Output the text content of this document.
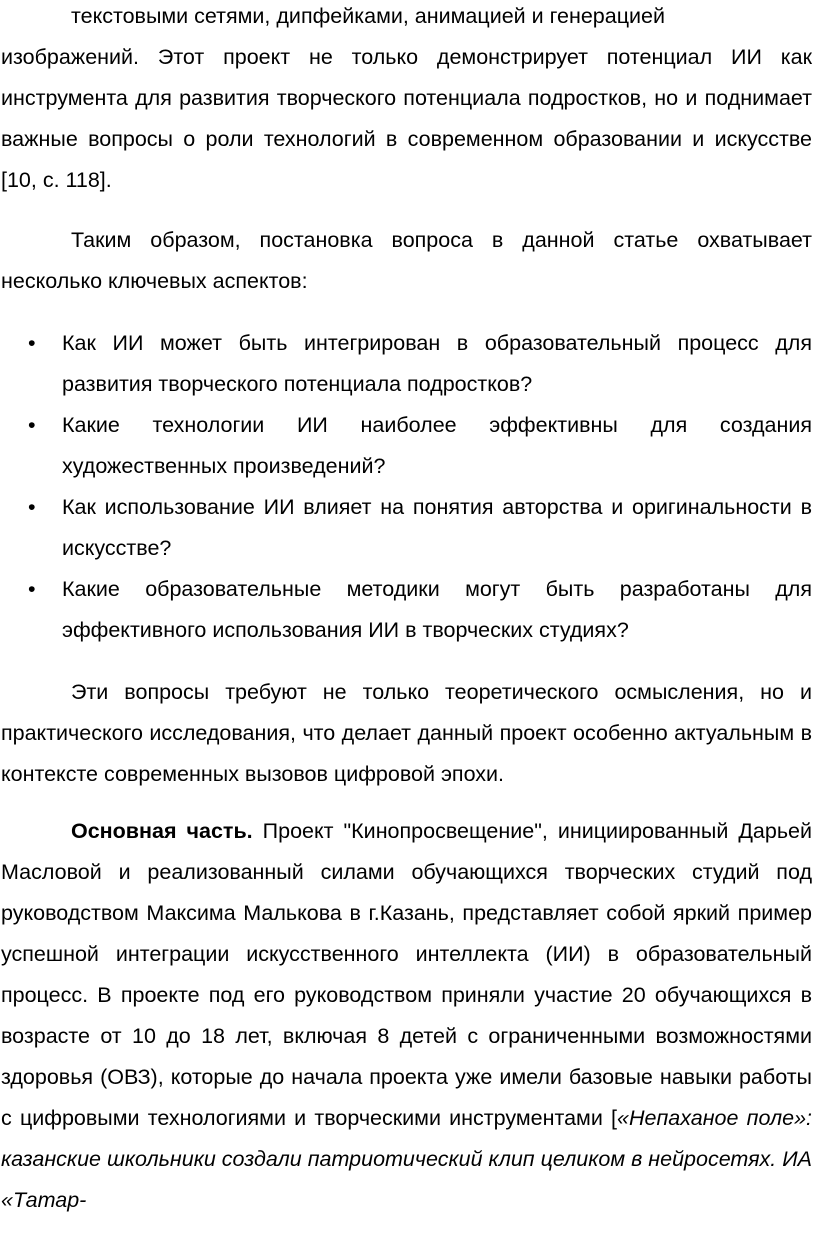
текстовыми сетями, дипфейками, анимацией и генерацией
изображений. Этот проект не только демонстрирует потенциал ИИ как инструмента для развития творческого потенциала подростков, но и поднимает важные вопросы о роли технологий в современном образовании и искусстве [10, с. 118].

Таким образом, постановка вопроса в данной статье охватывает несколько ключевых аспектов:

• Как ИИ может быть интегрирован в образовательный процесс для развития творческого потенциала подростков?
• Какие технологии ИИ наиболее эффективны для создания художественных произведений?
• Как использование ИИ влияет на понятия авторства и оригинальности в искусстве?
• Какие образовательные методики могут быть разработаны для эффективного использования ИИ в творческих студиях?

Эти вопросы требуют не только теоретического осмысления, но и практического исследования, что делает данный проект особенно актуальным в контексте современных вызовов цифровой эпохи.

Основная часть. Проект "Кинопросвещение", инициированный Дарьей Масловой и реализованный силами обучающихся творческих студий под руководством Максима Малькова в г.Казань, представляет собой яркий пример успешной интеграции искусственного интеллекта (ИИ) в образовательный процесс. В проекте под его руководством приняли участие 20 обучающихся в возрасте от 10 до 18 лет, включая 8 детей с ограниченными возможностями здоровья (ОВЗ), которые до начала проекта уже имели базовые навыки работы с цифровыми технологиями и творческими инструментами [«Непаханое поле»: казанские школьники создали патриотический клип целиком в нейросетях. ИА «Татар-
